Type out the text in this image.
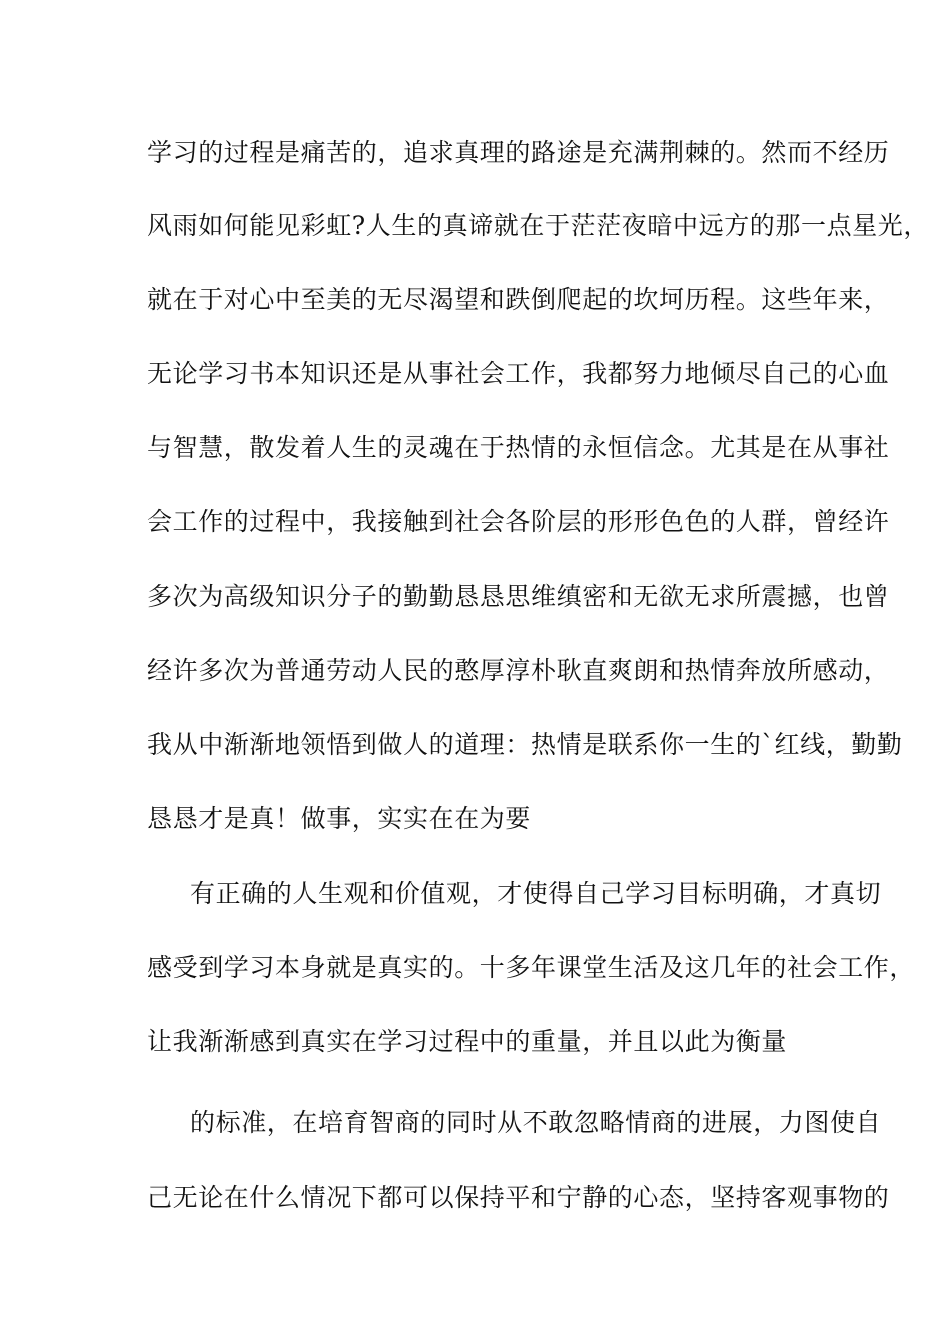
学习的过程是痛苦的，追求真理的路途是充满荆棘的。然而不经历
风雨如何能见彩虹?人生的真谛就在于茫茫夜暗中远方的那一点星光，
就在于对心中至美的无尽渴望和跌倒爬起的坎坷历程。这些年来，
无论学习书本知识还是从事社会工作，我都努力地倾尽自己的心血
与智慧，散发着人生的灵魂在于热情的永恒信念。尤其是在从事社
会工作的过程中，我接触到社会各阶层的形形色色的人群，曾经许
多次为高级知识分子的勤勤恳恳思维缜密和无欲无求所震撼，也曾
经许多次为普通劳动人民的憨厚淳朴耿直爽朗和热情奔放所感动，
我从中渐渐地领悟到做人的道理：热情是联系你一生的`红线，勤勤
恳恳才是真！做事，实实在在为要
有正确的人生观和价值观，才使得自己学习目标明确，才真切
感受到学习本身就是真实的。十多年课堂生活及这几年的社会工作，
让我渐渐感到真实在学习过程中的重量，并且以此为衡量
的标准，在培育智商的同时从不敢忽略情商的进展，力图使自
己无论在什么情况下都可以保持平和宁静的心态，坚持客观事物的
